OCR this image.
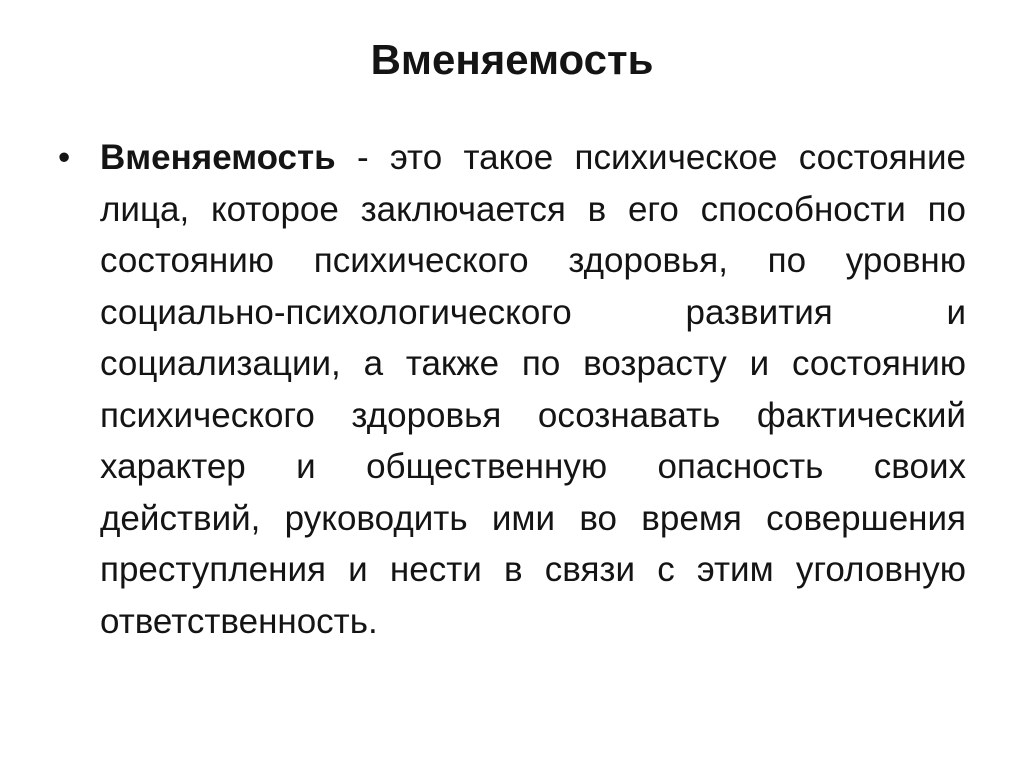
Вменяемость
• Вменяемость - это такое психическое состояние лица, которое заключается в его способности по состоянию психического здоровья, по уровню социально-психологического развития и социализации, а также по возрасту и состоянию психического здоровья осознавать фактический характер и общественную опасность своих действий, руководить ими во время совершения преступления и нести в связи с этим уголовную ответственность.
